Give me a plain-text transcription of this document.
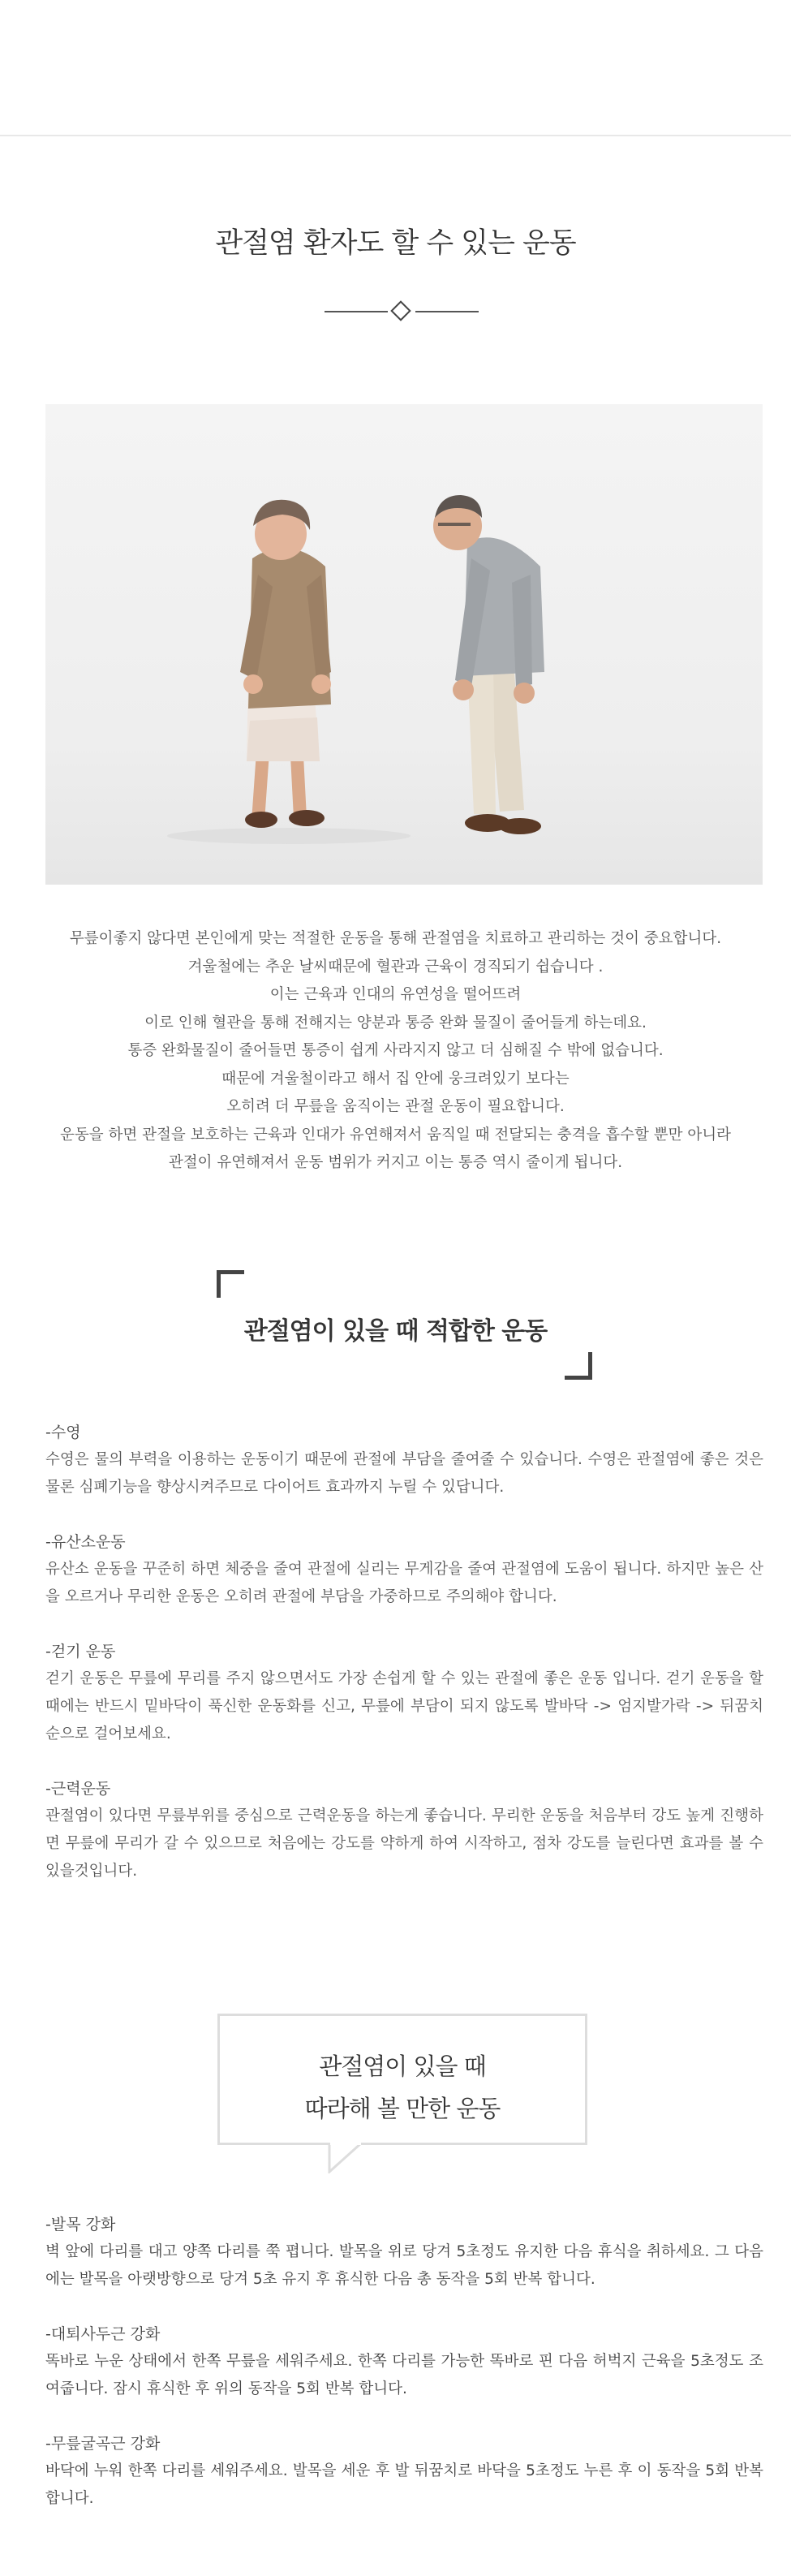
관절염 환자도 할 수 있는 운동

무릎이좋지 않다면 본인에게 맞는 적절한 운동을 통해 관절염을 치료하고 관리하는 것이 중요합니다.

겨울철에는 추운 날씨때문에 혈관과 근육이 경직되기 쉽습니다 .

이는 근육과 인대의 유연성을 떨어뜨려

이로 인해 혈관을 통해 전해지는 양분과 통증 완화 물질이 줄어들게 하는데요.

통증 완화물질이 줄어들면 통증이 쉽게 사라지지 않고 더 심해질 수 밖에 없습니다.

때문에 겨울철이라고 해서 집 안에 웅크려있기 보다는

오히려 더 무릎을 움직이는 관절 운동이 필요합니다.

운동을 하면 관절을 보호하는 근육과 인대가 유연해져서 움직일 때 전달되는 충격을 흡수할 뿐만 아니라

관절이 유연해져서 운동 범위가 커지고 이는 통증 역시 줄이게 됩니다.

관절염이 있을 때 적합한 운동
-수영
수영은 물의 부력을 이용하는 운동이기 때문에 관절에 부담을 줄여줄 수 있습니다. 수영은 관절염에 좋은 것은 물론 심폐기능을 향상시켜주므로 다이어트 효과까지 누릴 수 있답니다.
-유산소운동
유산소 운동을 꾸준히 하면 체중을 줄여 관절에 실리는 무게감을 줄여 관절염에 도움이 됩니다. 하지만 높은 산을 오르거나 무리한 운동은 오히려 관절에 부담을 가중하므로 주의해야 합니다.
-걷기 운동
걷기 운동은 무릎에 무리를 주지 않으면서도 가장 손쉽게 할 수 있는 관절에 좋은 운동 입니다. 걷기 운동을 할 때에는 반드시 밑바닥이 푹신한 운동화를 신고, 무릎에 부담이 되지 않도록 발바닥 -> 엄지발가락 -> 뒤꿈치 순으로 걸어보세요.
-근력운동
관절염이 있다면 무릎부위를 중심으로 근력운동을 하는게 좋습니다. 무리한 운동을 처음부터 강도 높게 진행하면 무릎에 무리가 갈 수 있으므로 처음에는 강도를 약하게 하여 시작하고, 점차 강도를 늘린다면 효과를 볼 수 있을것입니다.
관절염이 있을 때
따라해 볼 만한 운동
-발목 강화
벽 앞에 다리를 대고 양쪽 다리를 쭉 폅니다. 발목을 위로 당겨 5초정도 유지한 다음 휴식을 취하세요. 그 다음에는 발목을 아랫방향으로 당겨 5초 유지 후 휴식한 다음 총 동작을 5회 반복 합니다.
-대퇴사두근 강화
똑바로 누운 상태에서 한쪽 무릎을 세워주세요. 한쪽 다리를 가능한 똑바로 핀 다음 허벅지 근육을 5초정도 조여줍니다. 잠시 휴식한 후 위의 동작을 5회 반복 합니다.
-무릎굴곡근 강화
바닥에 누워 한쪽 다리를 세워주세요. 발목을 세운 후 발 뒤꿈치로 바닥을 5초정도 누른 후 이 동작을 5회 반복 합니다.
